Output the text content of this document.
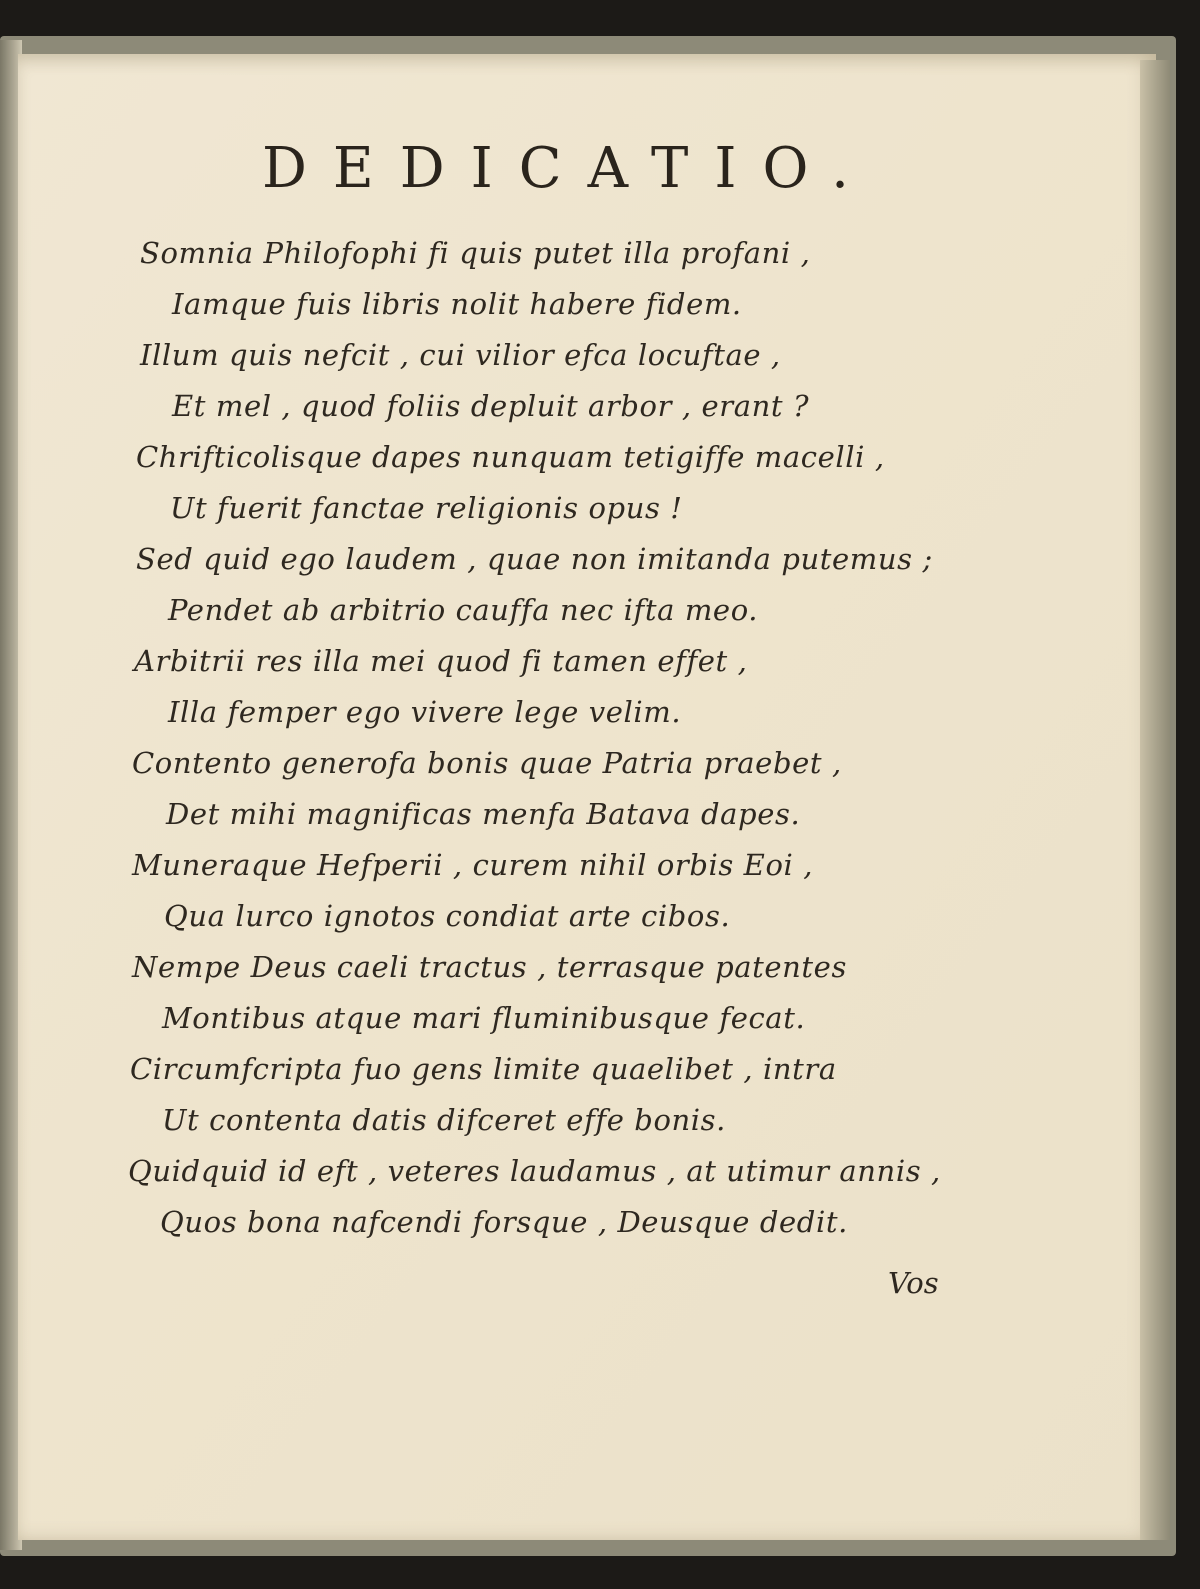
DEDICATIO.
Somnia Philofophi fi quis putet illa profani ,
Iamque fuis libris nolit habere fidem.
Illum quis nefcit , cui vilior efca locuftae ,
Et mel , quod foliis depluit arbor , erant ?
Chrifticolisque dapes nunquam tetigiffe macelli ,
Ut fuerit fanctae religionis opus !
Sed quid ego laudem , quae non imitanda putemus ;
Pendet ab arbitrio cauffa nec ifta meo.
Arbitrii res illa mei quod fi tamen effet ,
Illa femper ego vivere lege velim.
Contento generofa bonis quae Patria praebet ,
Det mihi magnificas menfa Batava dapes.
Muneraque Hefperii , curem nihil orbis Eoi ,
Qua lurco ignotos condiat arte cibos.
Nempe Deus caeli tractus , terrasque patentes
Montibus atque mari fluminibusque fecat.
Circumfcripta fuo gens limite quaelibet , intra
Ut contenta datis difceret effe bonis.
Quidquid id eft , veteres laudamus , at utimur annis ,
Quos bona nafcendi forsque , Deusque dedit.
Vos
